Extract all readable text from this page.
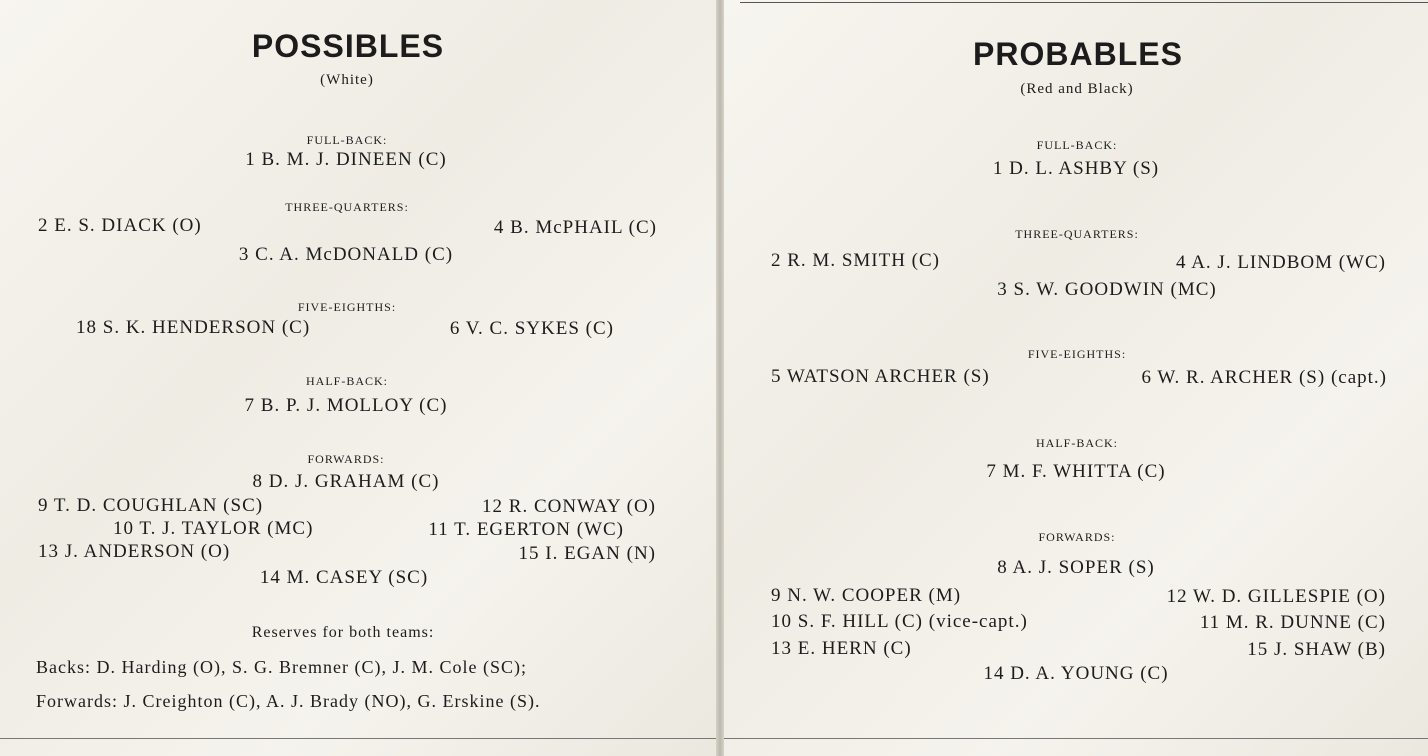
POSSIBLES
(White)
FULL-BACK:
1 B. M. J. DINEEN (C)
THREE-QUARTERS:
2 E. S. DIACK (O)	4 B. McPHAIL (C)
3 C. A. McDONALD (C)
FIVE-EIGHTHS:
18 S. K. HENDERSON (C)	6 V. C. SYKES (C)
HALF-BACK:
7 B. P. J. MOLLOY (C)
FORWARDS:
8 D. J. GRAHAM (C)
9 T. D. COUGHLAN (SC)	12 R. CONWAY (O)
10 T. J. TAYLOR (MC)	11 T. EGERTON (WC)
13 J. ANDERSON (O)	15 I. EGAN (N)
14 M. CASEY (SC)
Reserves for both teams:
Backs: D. Harding (O), S. G. Bremner (C), J. M. Cole (SC);
Forwards: J. Creighton (C), A. J. Brady (NO), G. Erskine (S).
PROBABLES
(Red and Black)
FULL-BACK:
1 D. L. ASHBY (S)
THREE-QUARTERS:
2 R. M. SMITH (C)	4 A. J. LINDBOM (WC)
3 S. W. GOODWIN (MC)
FIVE-EIGHTHS:
5 WATSON ARCHER (S)	6 W. R. ARCHER (S) (capt.)
HALF-BACK:
7 M. F. WHITTA (C)
FORWARDS:
8 A. J. SOPER (S)
9 N. W. COOPER (M)	12 W. D. GILLESPIE (O)
10 S. F. HILL (C) (vice-capt.)	11 M. R. DUNNE (C)
13 E. HERN (C)	15 J. SHAW (B)
14 D. A. YOUNG (C)
